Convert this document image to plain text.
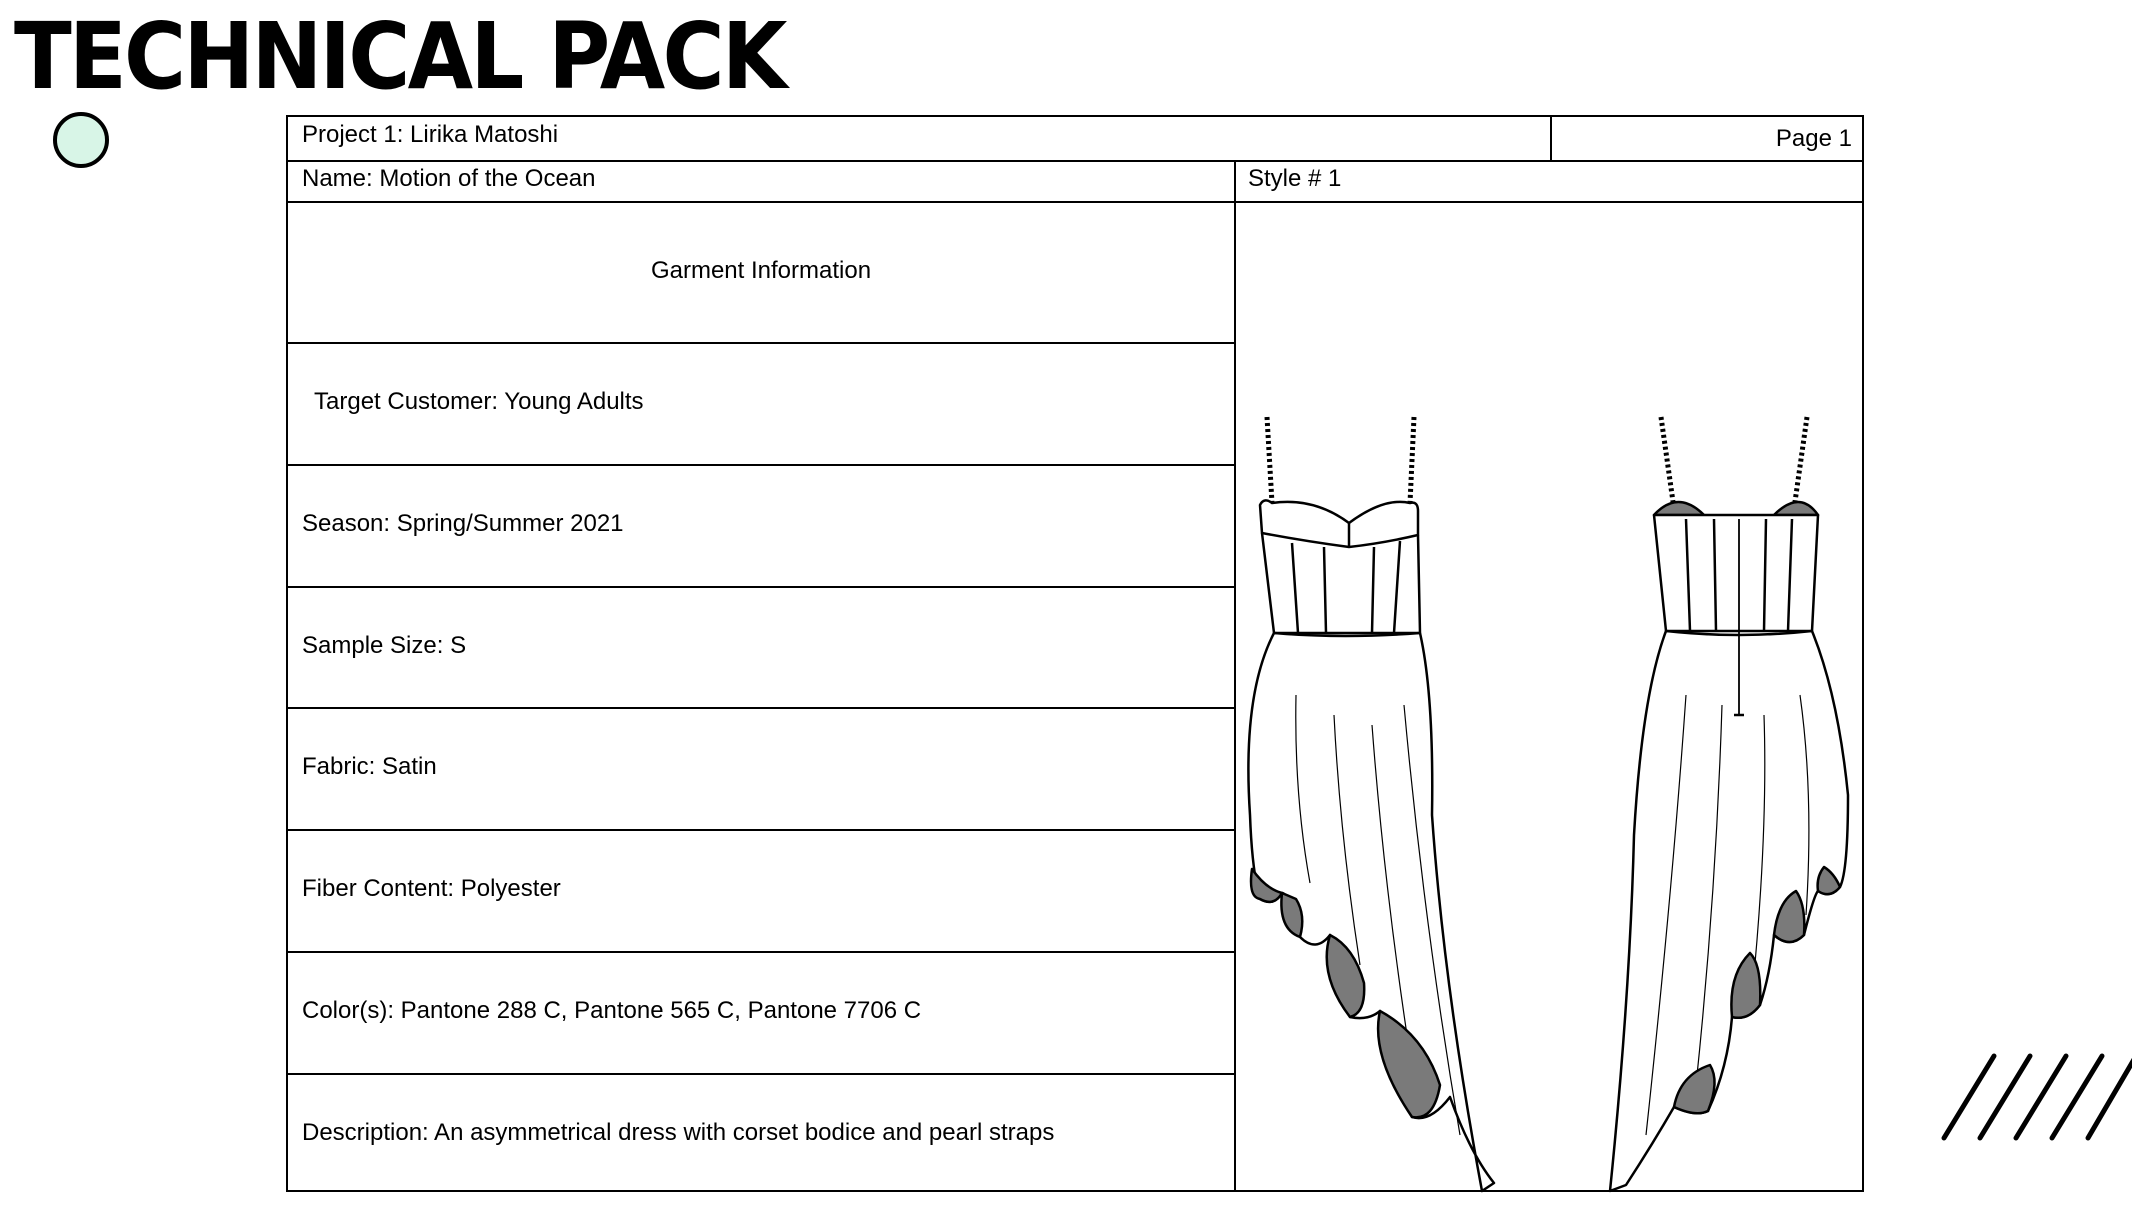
TECHNICAL PACK
Project 1: Lirika Matoshi	Page 1
Name: Motion of the Ocean	Style # 1
Garment Information
Target Customer: Young Adults
Season: Spring/Summer 2021
Sample Size: S
Fabric: Satin
Fiber Content: Polyester
Color(s): Pantone 288 C, Pantone 565 C, Pantone 7706 C
Description: An asymmetrical dress with corset bodice and pearl straps
